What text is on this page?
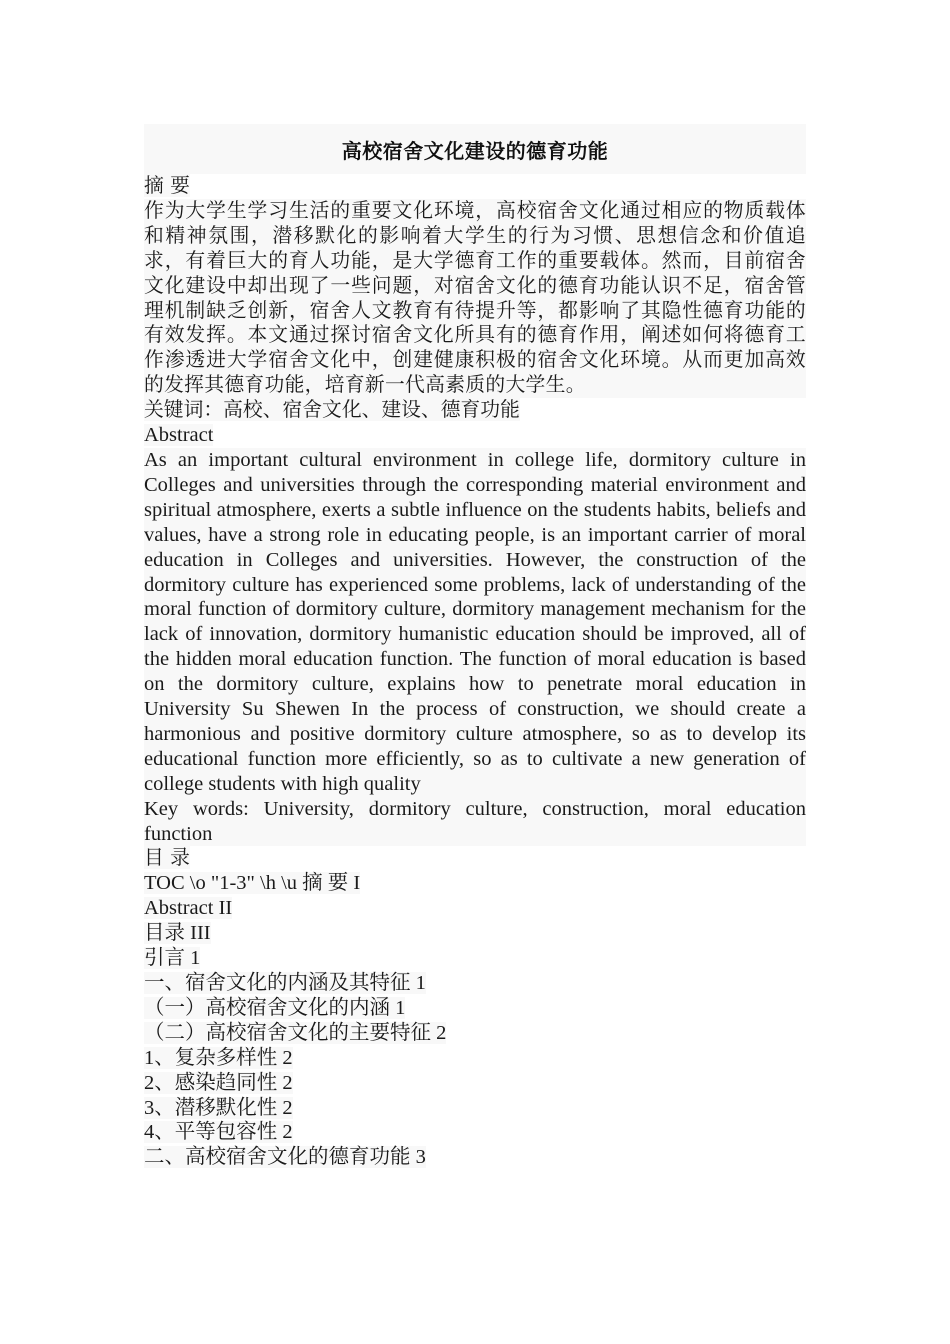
高校宿舍文化建设的德育功能
摘 要
作为大学生学习生活的重要文化环境，高校宿舍文化通过相应的物质载体和精神氛围，潜移默化的影响着大学生的行为习惯、思想信念和价值追求，有着巨大的育人功能，是大学德育工作的重要载体。然而，目前宿舍文化建设中却出现了一些问题，对宿舍文化的德育功能认识不足，宿舍管理机制缺乏创新，宿舍人文教育有待提升等，都影响了其隐性德育功能的有效发挥。本文通过探讨宿舍文化所具有的德育作用，阐述如何将德育工作渗透进大学宿舍文化中，创建健康积极的宿舍文化环境。从而更加高效的发挥其德育功能，培育新一代高素质的大学生。
关键词：高校、宿舍文化、建设、德育功能
Abstract
As an important cultural environment in college life, dormitory culture in Colleges and universities through the corresponding material environment and spiritual atmosphere, exerts a subtle influence on the students habits, beliefs and values, have a strong role in educating people, is an important carrier of moral education in Colleges and universities. However, the construction of the dormitory culture has experienced some problems, lack of understanding of the moral function of dormitory culture, dormitory management mechanism for the lack of innovation, dormitory humanistic education should be improved, all of the hidden moral education function. The function of moral education is based on the dormitory culture, explains how to penetrate moral education in University Su Shewen In the process of construction, we should create a harmonious and positive dormitory culture atmosphere, so as to develop its educational function more efficiently, so as to cultivate a new generation of college students with high quality
Key words: University, dormitory culture, construction, moral education function
目 录
TOC \o "1-3" \h \u 摘 要 I
Abstract II
目录 III
引言 1
一、宿舍文化的内涵及其特征 1
（一）高校宿舍文化的内涵 1
（二）高校宿舍文化的主要特征 2
1、复杂多样性 2
2、感染趋同性 2
3、潜移默化性 2
4、平等包容性 2
二、高校宿舍文化的德育功能 3
